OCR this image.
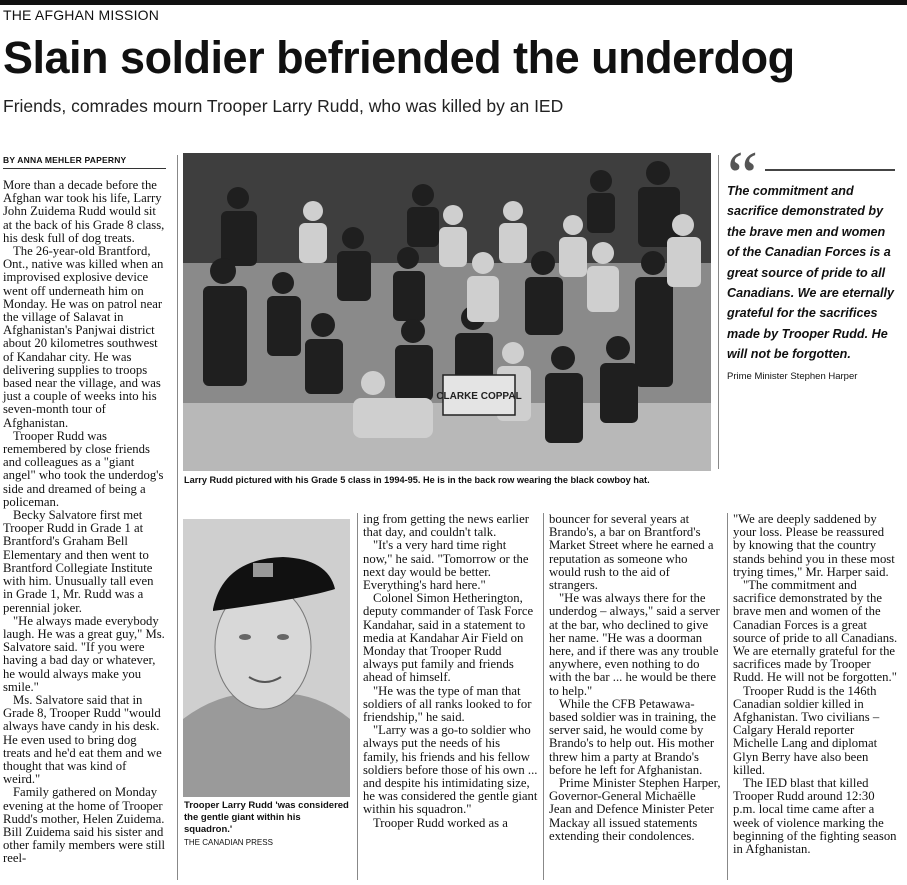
THE AFGHAN MISSION
Slain soldier befriended the underdog
Friends, comrades mourn Trooper Larry Rudd, who was killed by an IED
BY ANNA MEHLER PAPERNY

More than a decade before the Afghan war took his life, Larry John Zuidema Rudd would sit at the back of his Grade 8 class, his desk full of dog treats.

The 26-year-old Brantford, Ont., native was killed when an improvised explosive device went off underneath him on Monday. He was on patrol near the village of Salavat in Afghanistan's Panjwai district about 20 kilometres southwest of Kandahar city. He was delivering supplies to troops based near the village, and was just a couple of weeks into his seven-month tour of Afghanistan.

Trooper Rudd was remembered by close friends and colleagues as a "giant angel" who took the underdog's side and dreamed of being a policeman.

Becky Salvatore first met Trooper Rudd in Grade 1 at Brantford's Graham Bell Elementary and then went to Brantford Collegiate Institute with him. Unusually tall even in Grade 1, Mr. Rudd was a perennial joker.

"He always made everybody laugh. He was a great guy," Ms. Salvatore said. "If you were having a bad day or whatever, he would always make you smile."

Ms. Salvatore said that in Grade 8, Trooper Rudd "would always have candy in his desk. He even used to bring dog treats and he'd eat them and we thought that was kind of weird."

Family gathered on Monday evening at the home of Trooper Rudd's mother, Helen Zuidema. Bill Zuidema said his sister and other family members were still reel-

CLARKE COPPAL
Larry Rudd pictured with his Grade 5 class in 1994-95. He is in the back row wearing the black cowboy hat.
“
The commitment and sacrifice demonstrated by the brave men and women of the Canadian Forces is a great source of pride to all Canadians. We are eternally grateful for the sacrifices made by Trooper Rudd. He will not be forgotten.
Prime Minister Stephen Harper
Trooper Larry Rudd 'was considered the gentle giant within his squadron.'
THE CANADIAN PRESS

ing from getting the news earlier that day, and couldn't talk.

"It's a very hard time right now," he said. "Tomorrow or the next day would be better. Everything's hard here."

Colonel Simon Hetherington, deputy commander of Task Force Kandahar, said in a statement to media at Kandahar Air Field on Monday that Trooper Rudd always put family and friends ahead of himself.

"He was the type of man that soldiers of all ranks looked to for friendship," he said.

"Larry was a go-to soldier who always put the needs of his family, his friends and his fellow soldiers before those of his own ... and despite his intimidating size, he was considered the gentle giant within his squadron."

Trooper Rudd worked as a

bouncer for several years at Brando's, a bar on Brantford's Market Street where he earned a reputation as someone who would rush to the aid of strangers.

"He was always there for the underdog – always," said a server at the bar, who declined to give her name. "He was a doorman here, and if there was any trouble anywhere, even nothing to do with the bar ... he would be there to help."

While the CFB Petawawa-based soldier was in training, the server said, he would come by Brando's to help out. His mother threw him a party at Brando's before he left for Afghanistan.

Prime Minister Stephen Harper, Governor-General Michaëlle Jean and Defence Minister Peter Mackay all issued statements extending their condolences.

"We are deeply saddened by your loss. Please be reassured by knowing that the country stands behind you in these most trying times," Mr. Harper said.

"The commitment and sacrifice demonstrated by the brave men and women of the Canadian Forces is a great source of pride to all Canadians. We are eternally grateful for the sacrifices made by Trooper Rudd. He will not be forgotten."

Trooper Rudd is the 146th Canadian soldier killed in Afghanistan. Two civilians – Calgary Herald reporter Michelle Lang and diplomat Glyn Berry have also been killed.

The IED blast that killed Trooper Rudd around 12:30 p.m. local time came after a week of violence marking the beginning of the fighting season in Afghanistan.
